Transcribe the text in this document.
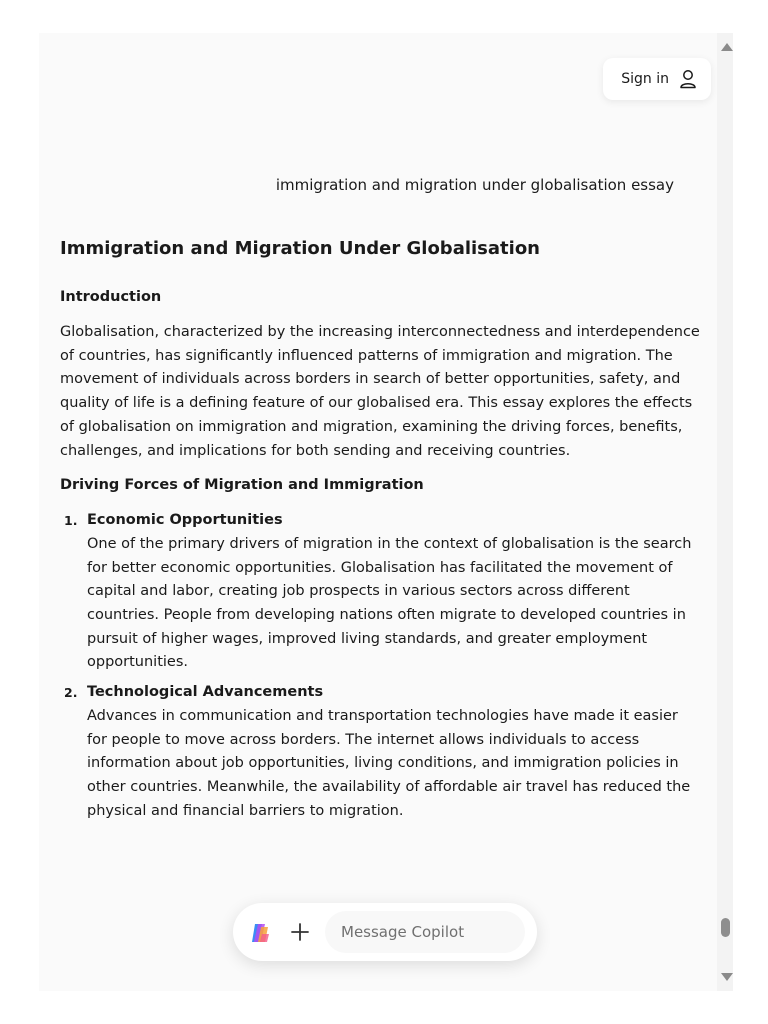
Sign in
immigration and migration under globalisation essay
Immigration and Migration Under Globalisation
Introduction

Globalisation, characterized by the increasing interconnectedness and interdependence of countries, has significantly influenced patterns of immigration and migration. The movement of individuals across borders in search of better opportunities, safety, and quality of life is a defining feature of our globalised era. This essay explores the effects of globalisation on immigration and migration, examining the driving forces, benefits, challenges, and implications for both sending and receiving countries.

Driving Forces of Migration and Immigration
1. Economic Opportunities
One of the primary drivers of migration in the context of globalisation is the search for better economic opportunities. Globalisation has facilitated the movement of capital and labor, creating job prospects in various sectors across different countries. People from developing nations often migrate to developed countries in pursuit of higher wages, improved living standards, and greater employment opportunities.
2. Technological Advancements
Advances in communication and transportation technologies have made it easier for people to move across borders. The internet allows individuals to access information about job opportunities, living conditions, and immigration policies in other countries. Meanwhile, the availability of affordable air travel has reduced the physical and financial barriers to migration.
Message Copilot
